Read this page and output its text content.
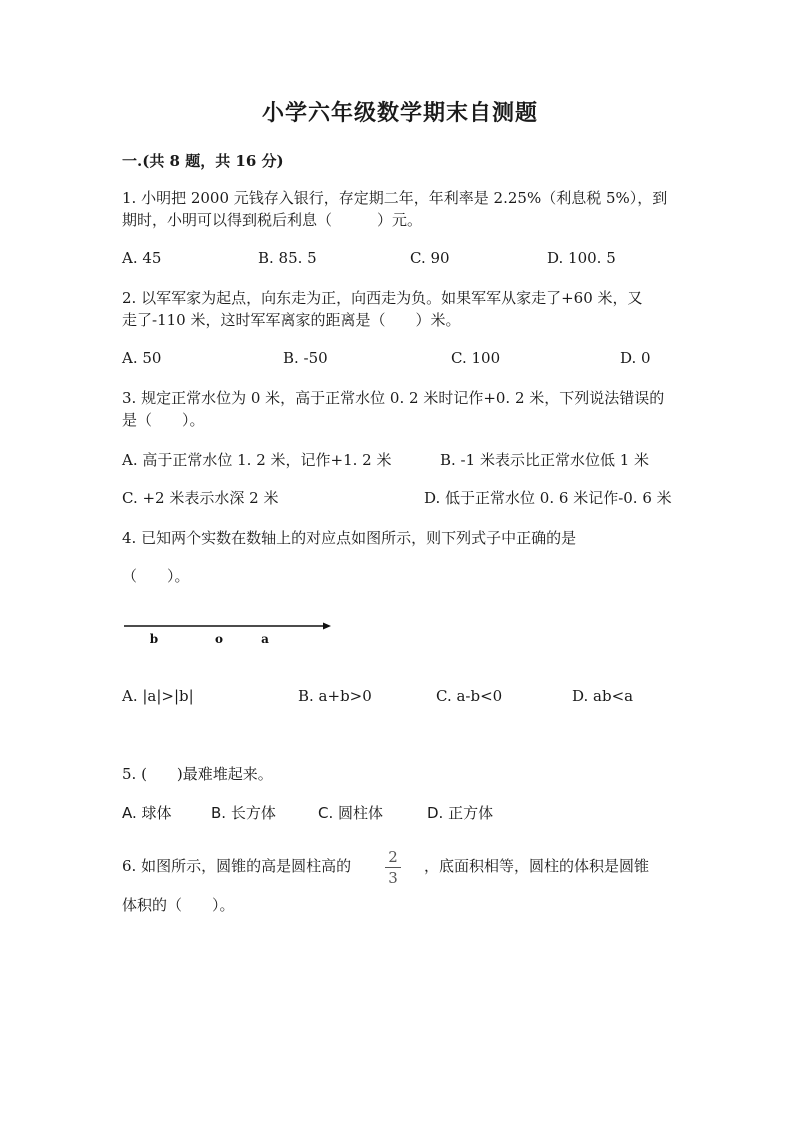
小学六年级数学期末自测题
一.(共 8 题，共 16 分)
1. 小明把 2000 元钱存入银行，存定期二年，年利率是 2.25%（利息税 5%），到
期时，小明可以得到税后利息（　　　）元。
A. 45	B. 85. 5	C. 90	D. 100. 5
2. 以军军家为起点，向东走为正，向西走为负。如果军军从家走了+60 米，又
走了-110 米，这时军军离家的距离是（　　）米。
A. 50	B. -50	C. 100	D. 0
3. 规定正常水位为 0 米，高于正常水位 0. 2 米时记作+0. 2 米，下列说法错误的
是（　　）。
A. 高于正常水位 1. 2 米，记作+1. 2 米	B. -1 米表示比正常水位低 1 米
C. +2 米表示水深 2 米	D. 低于正常水位 0. 6 米记作-0. 6 米
4. 已知两个实数在数轴上的对应点如图所示，则下列式子中正确的是
（　　）。
b	o	a
A. |a|>|b|	B. a+b>0	C. a-b<0	D. ab<a
5. (　　)最难堆起来。
A. 球体	B. 长方体	C. 圆柱体	D. 正方体
6. 如图所示，圆锥的高是圆柱高的	2
3
，底面积相等，圆柱的体积是圆锥
体积的（　　）。
